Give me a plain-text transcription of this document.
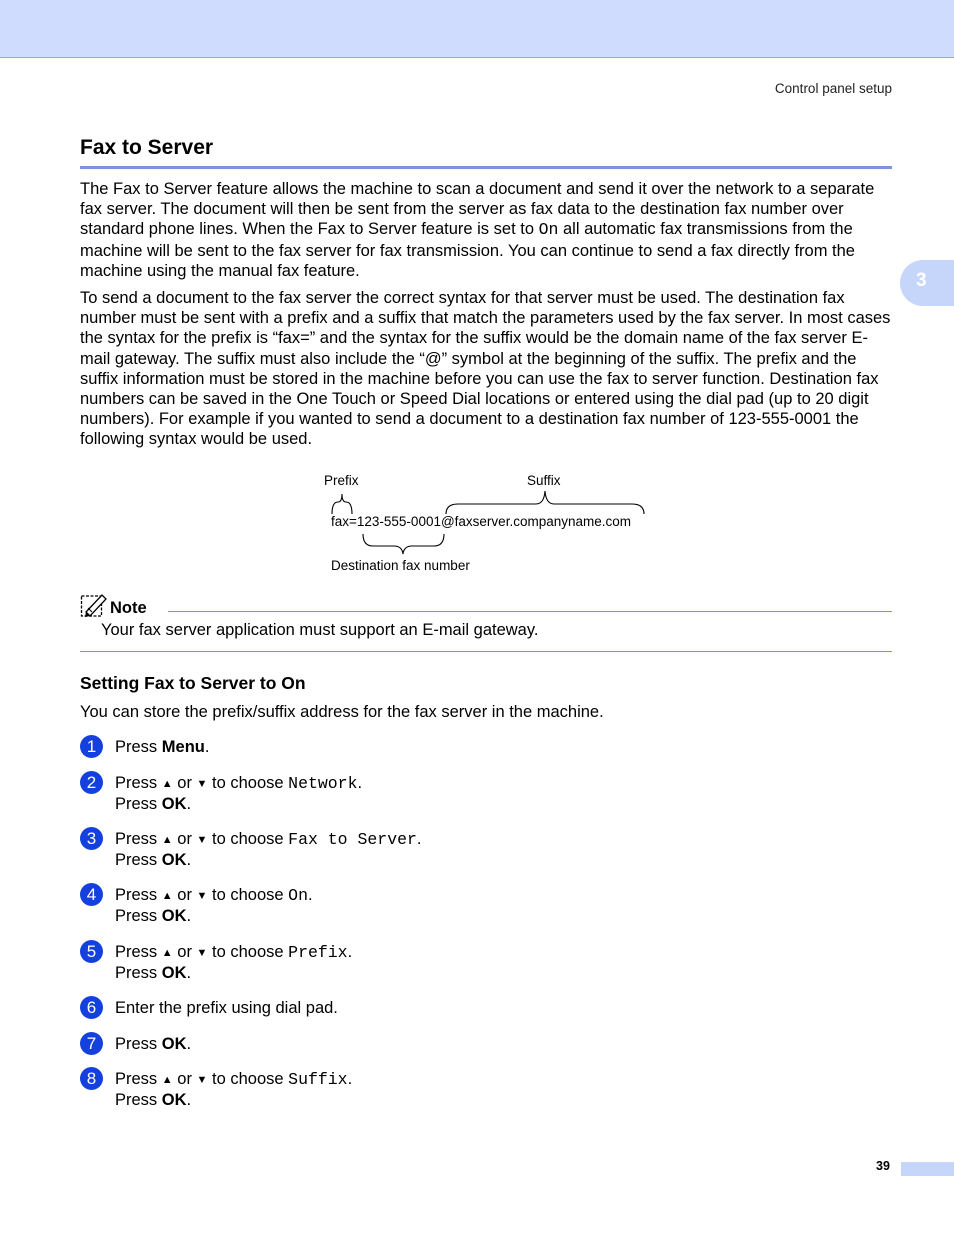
Control panel setup
3
Fax to Server

The Fax to Server feature allows the machine to scan a document and send it over the network to a separate fax server. The document will then be sent from the server as fax data to the destination fax number over standard phone lines. When the Fax to Server feature is set to On all automatic fax transmissions from the machine will be sent to the fax server for fax transmission. You can continue to send a fax directly from the machine using the manual fax feature.

To send a document to the fax server the correct syntax for that server must be used. The destination fax number must be sent with a prefix and a suffix that match the parameters used by the fax server. In most cases the syntax for the prefix is “fax=” and the syntax for the suffix would be the domain name of the fax server E-mail gateway. The suffix must also include the “@” symbol at the beginning of the suffix. The prefix and the suffix information must be stored in the machine before you can use the fax to server function. Destination fax numbers can be saved in the One Touch or Speed Dial locations or entered using the dial pad (up to 20 digit numbers). For example if you wanted to send a document to a destination fax number of 123-555-0001 the following syntax would be used.

Prefix	Suffix
fax=123-555-0001@faxserver.companyname.com
Destination fax number
Note
Your fax server application must support an E-mail gateway.
Setting Fax to Server to On

You can store the prefix/suffix address for the fax server in the machine.

1	Press Menu.
2	Press ▲ or ▼ to choose Network.
Press OK.
3	Press ▲ or ▼ to choose Fax to Server.
Press OK.
4	Press ▲ or ▼ to choose On.
Press OK.
5	Press ▲ or ▼ to choose Prefix.
Press OK.
6	Enter the prefix using dial pad.
7	Press OK.
8	Press ▲ or ▼ to choose Suffix.
Press OK.
39
